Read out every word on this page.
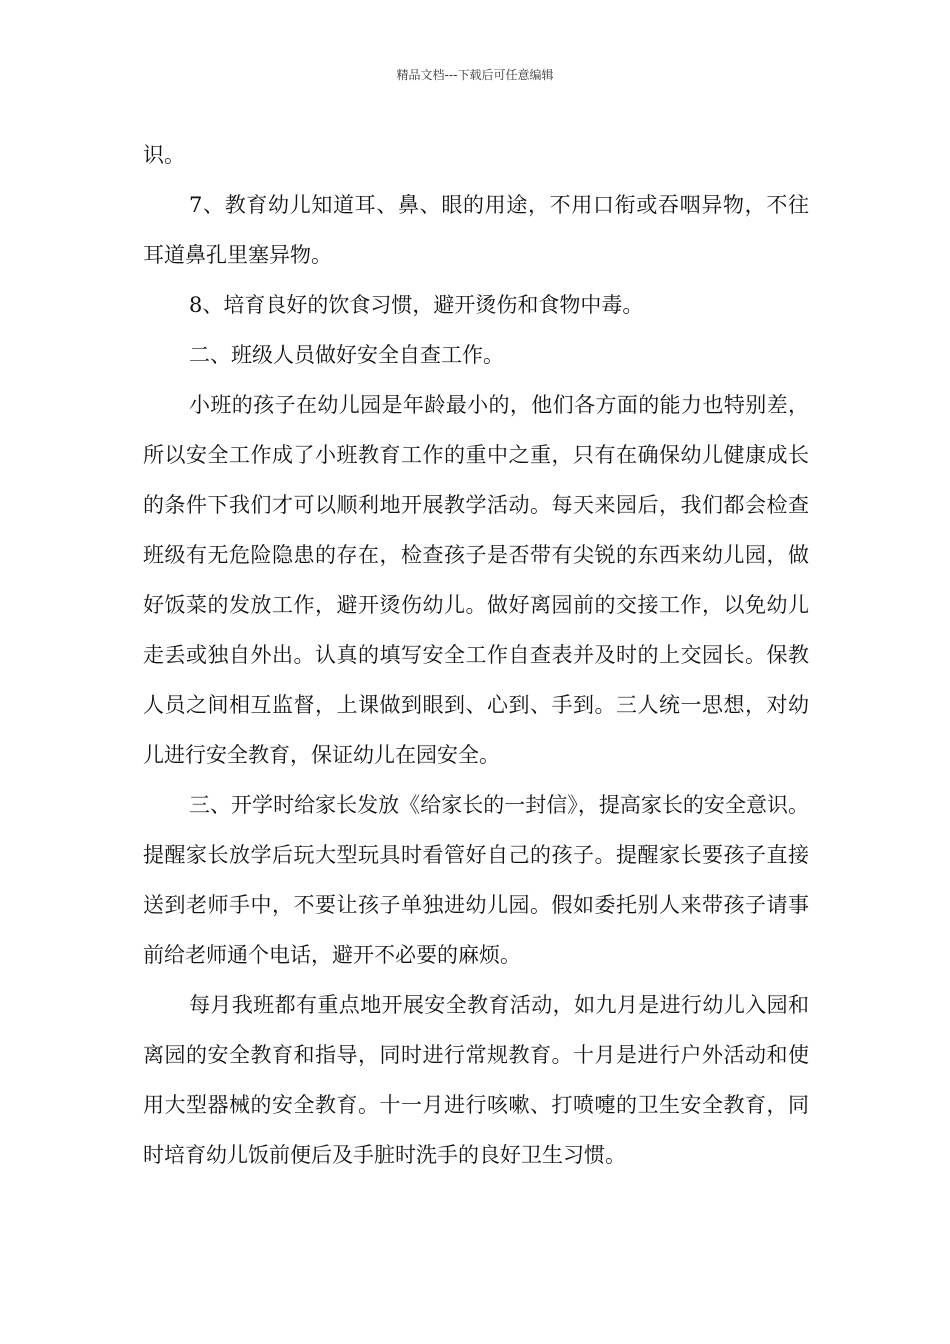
精品文档---下载后可任意编辑

识。

7、教育幼儿知道耳、鼻、眼的用途，不用口衔或吞咽异物，不往耳道鼻孔里塞异物。

8、培育良好的饮食习惯，避开烫伤和食物中毒。

二、班级人员做好安全自查工作。

小班的孩子在幼儿园是年龄最小的，他们各方面的能力也特别差，所以安全工作成了小班教育工作的重中之重，只有在确保幼儿健康成长的条件下我们才可以顺利地开展教学活动。每天来园后，我们都会检查班级有无危险隐患的存在，检查孩子是否带有尖锐的东西来幼儿园，做好饭菜的发放工作，避开烫伤幼儿。做好离园前的交接工作，以免幼儿走丢或独自外出。认真的填写安全工作自查表并及时的上交园长。保教人员之间相互监督，上课做到眼到、心到、手到。三人统一思想，对幼儿进行安全教育，保证幼儿在园安全。

三、开学时给家长发放《给家长的一封信》，提高家长的安全意识。提醒家长放学后玩大型玩具时看管好自己的孩子。提醒家长要孩子直接送到老师手中，不要让孩子单独进幼儿园。假如委托别人来带孩子请事前给老师通个电话，避开不必要的麻烦。

每月我班都有重点地开展安全教育活动，如九月是进行幼儿入园和离园的安全教育和指导，同时进行常规教育。十月是进行户外活动和使用大型器械的安全教育。十一月进行咳嗽、打喷嚏的卫生安全教育，同时培育幼儿饭前便后及手脏时洗手的良好卫生习惯。
